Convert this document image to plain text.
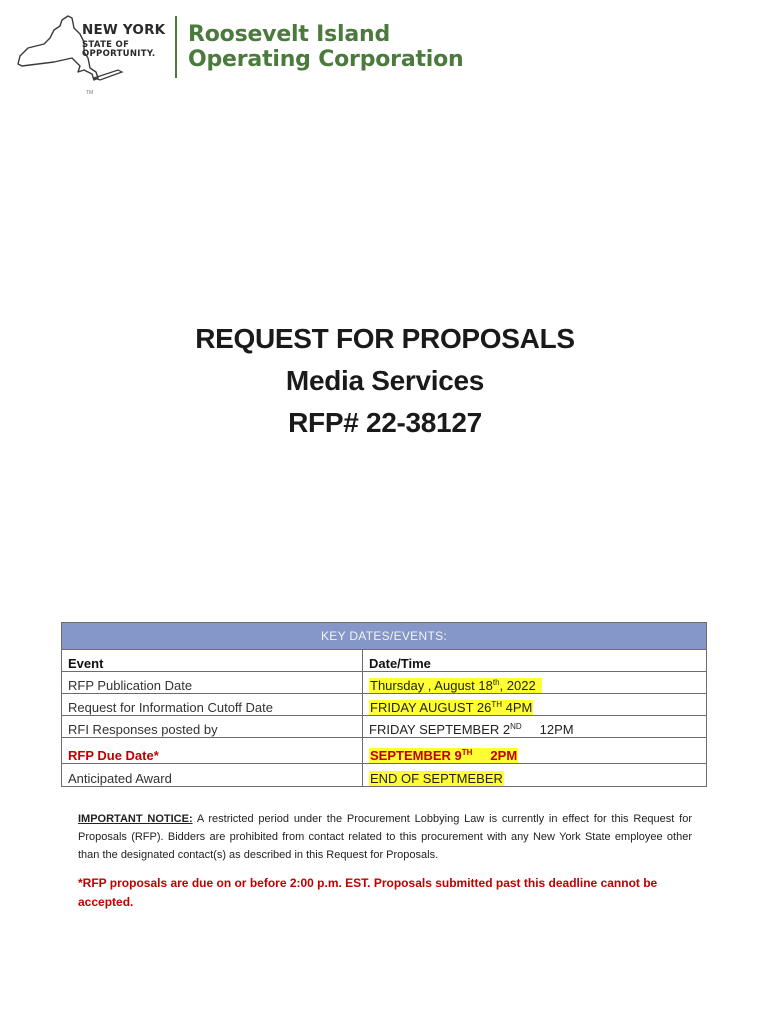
NEW YORK
STATE OF
OPPORTUNITY.
Roosevelt Island
Operating Corporation
TM
REQUEST FOR PROPOSALS
Media Services
RFP# 22-38127
KEY DATES/EVENTS:	
Event	Date/Time
RFP Publication Date	Thursday , August 18th, 2022
Request for Information Cutoff Date	FRIDAY AUGUST 26TH 4PM
RFI Responses posted by	FRIDAY SEPTEMBER 2ND 12PM
RFP Due Date*	SEPTEMBER 9TH 2PM
Anticipated Award	END OF SEPTMEBER
IMPORTANT NOTICE: A restricted period under the Procurement Lobbying Law is currently in effect for this Request for Proposals (RFP). Bidders are prohibited from contact related to this procurement with any New York State employee other than the designated contact(s) as described in this Request for Proposals.
*RFP proposals are due on or before 2:00 p.m. EST. Proposals submitted past this deadline cannot be accepted.
